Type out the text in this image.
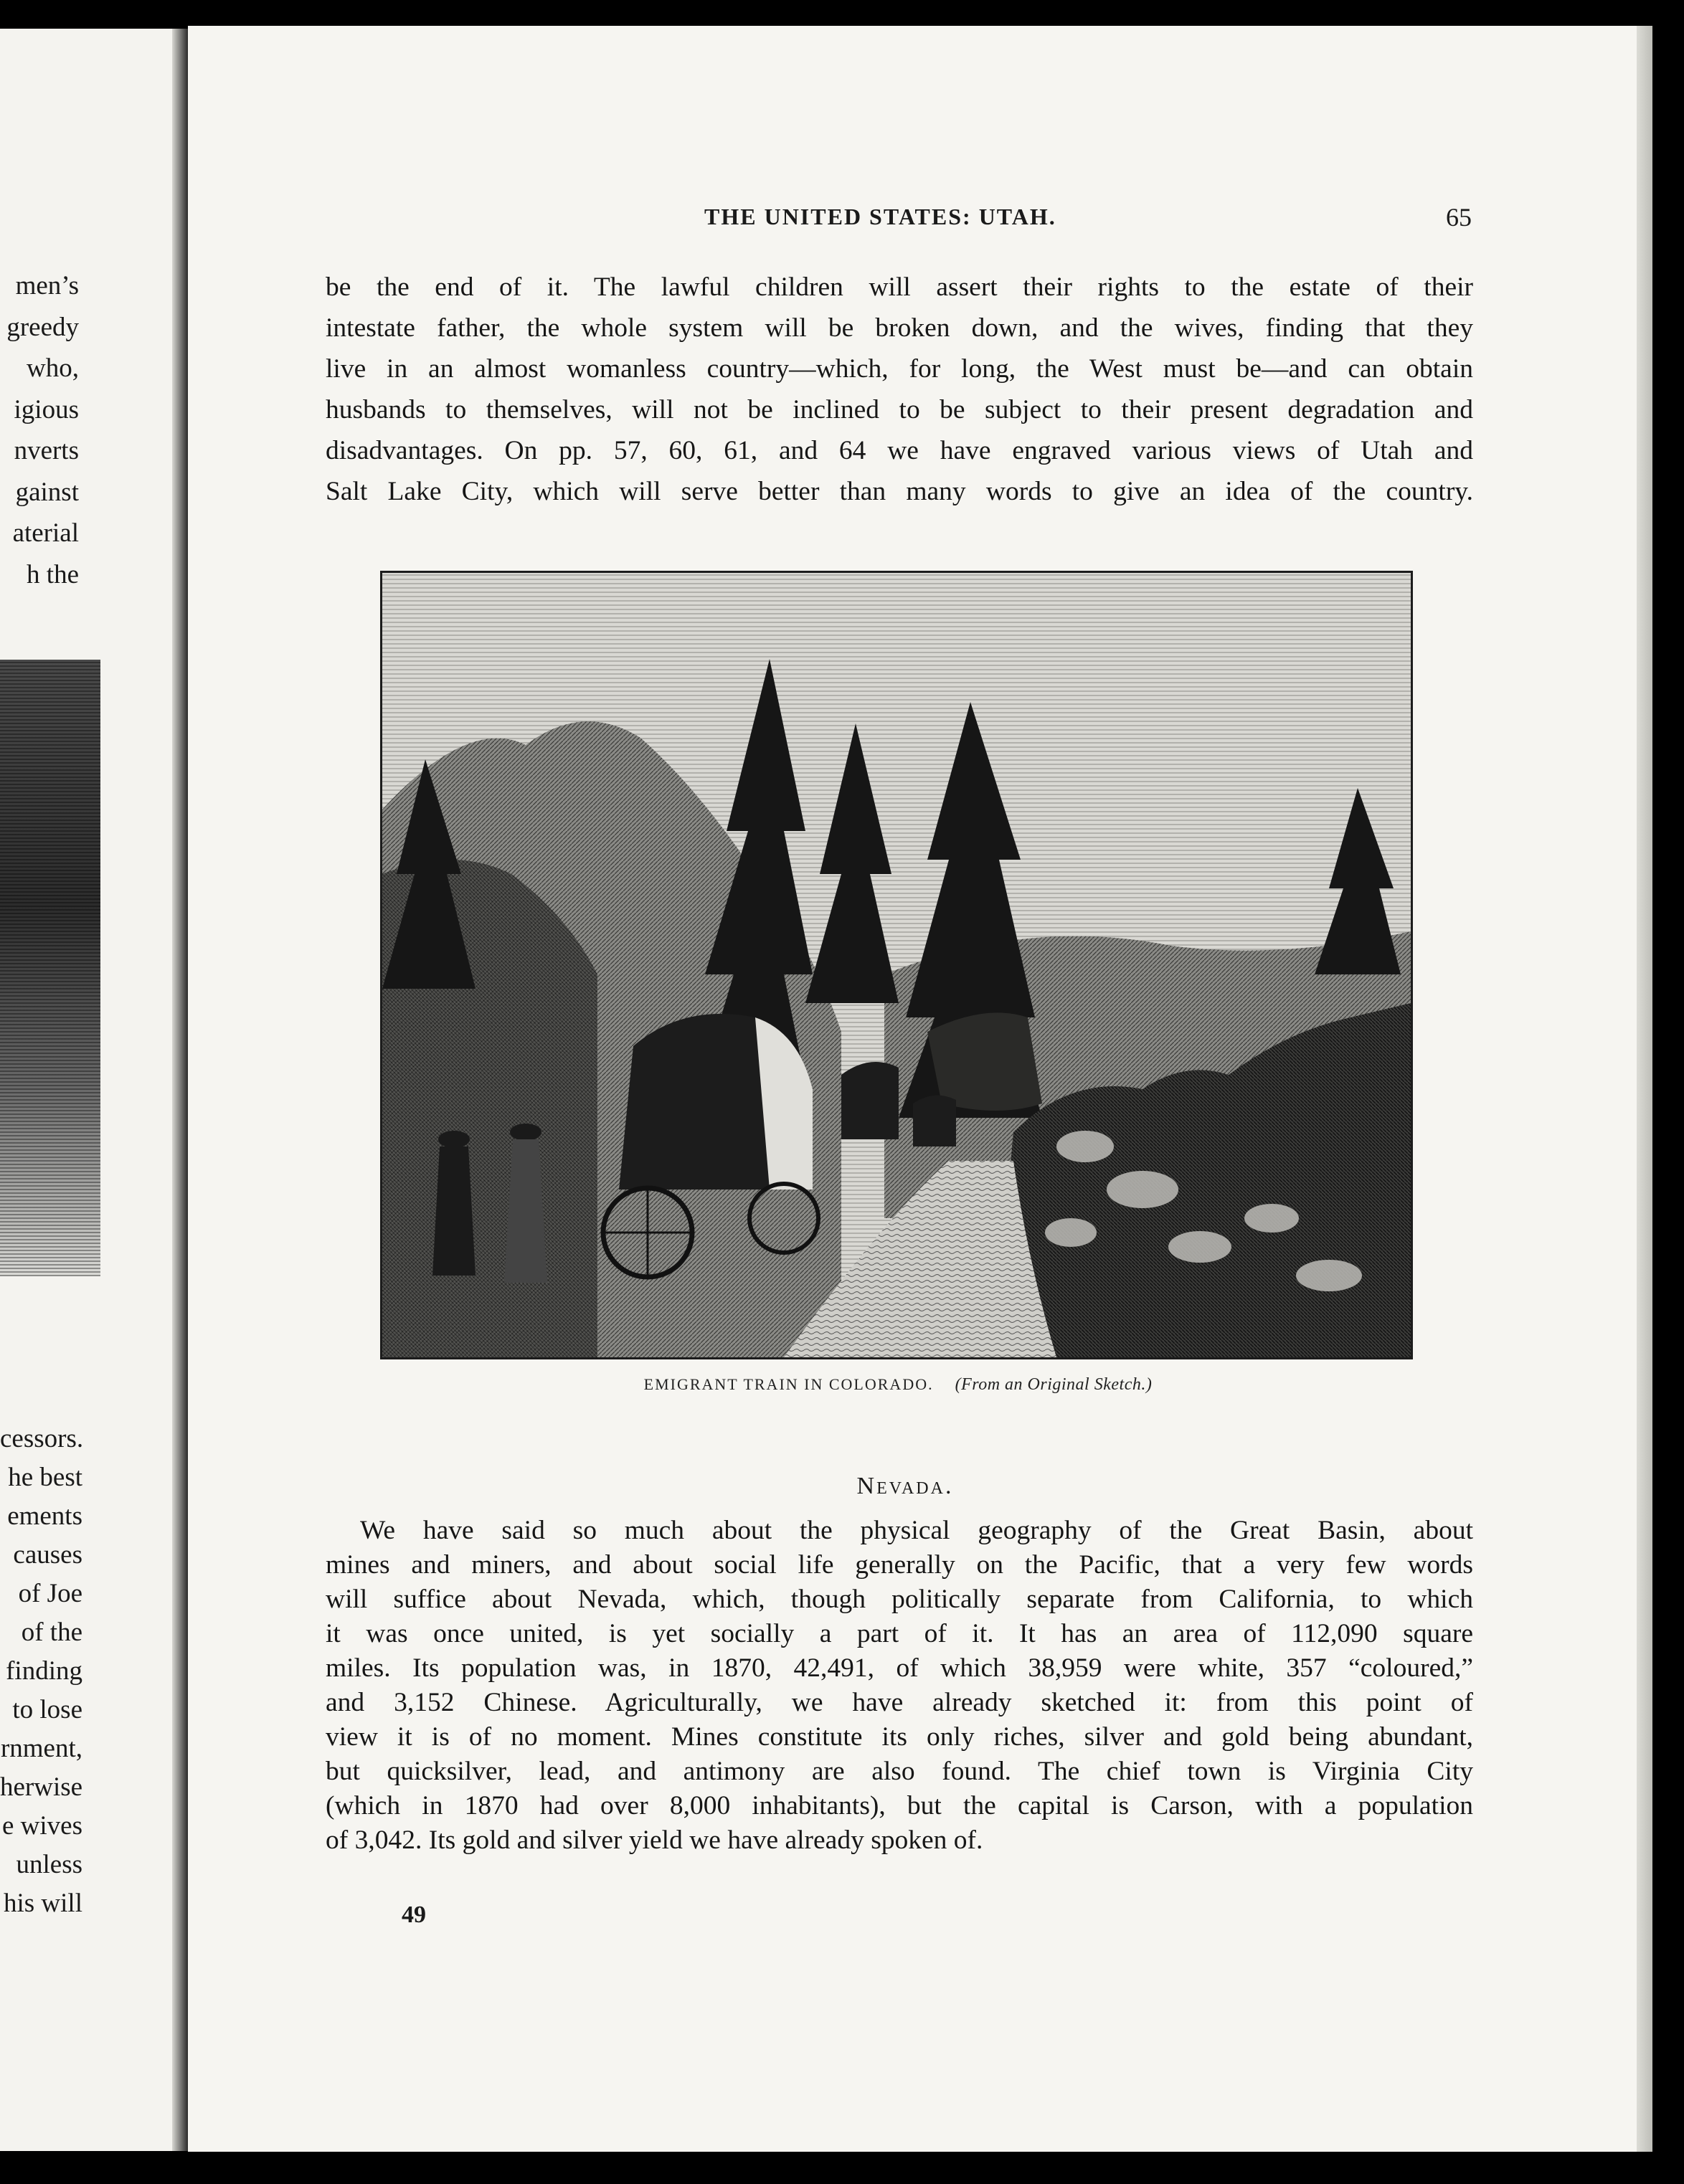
men’s
greedy
who,
igious
nverts
gainst
aterial
h the
cessors.
he best
ements
causes
of Joe
of the
finding
to lose
rnment,
herwise
e wives
unless
his will
THE UNITED STATES: UTAH.	65
be the end of it. The lawful children will assert their rights to the estate of their
intestate father, the whole system will be broken down, and the wives, finding that they
live in an almost womanless country—which, for long, the West must be—and can obtain
husbands to themselves, will not be inclined to be subject to their present degradation and
disadvantages. On pp. 57, 60, 61, and 64 we have engraved various views of Utah and
Salt Lake City, which will serve better than many words to give an idea of the country.
EMIGRANT TRAIN IN COLORADO. (From an Original Sketch.)
Nevada.
We have said so much about the physical geography of the Great Basin, about
mines and miners, and about social life generally on the Pacific, that a very few words
will suffice about Nevada, which, though politically separate from California, to which
it was once united, is yet socially a part of it. It has an area of 112,090 square
miles. Its population was, in 1870, 42,491, of which 38,959 were white, 357 “coloured,”
and 3,152 Chinese. Agriculturally, we have already sketched it: from this point of
view it is of no moment. Mines constitute its only riches, silver and gold being abundant,
but quicksilver, lead, and antimony are also found. The chief town is Virginia City
(which in 1870 had over 8,000 inhabitants), but the capital is Carson, with a population
of 3,042. Its gold and silver yield we have already spoken of.
49
